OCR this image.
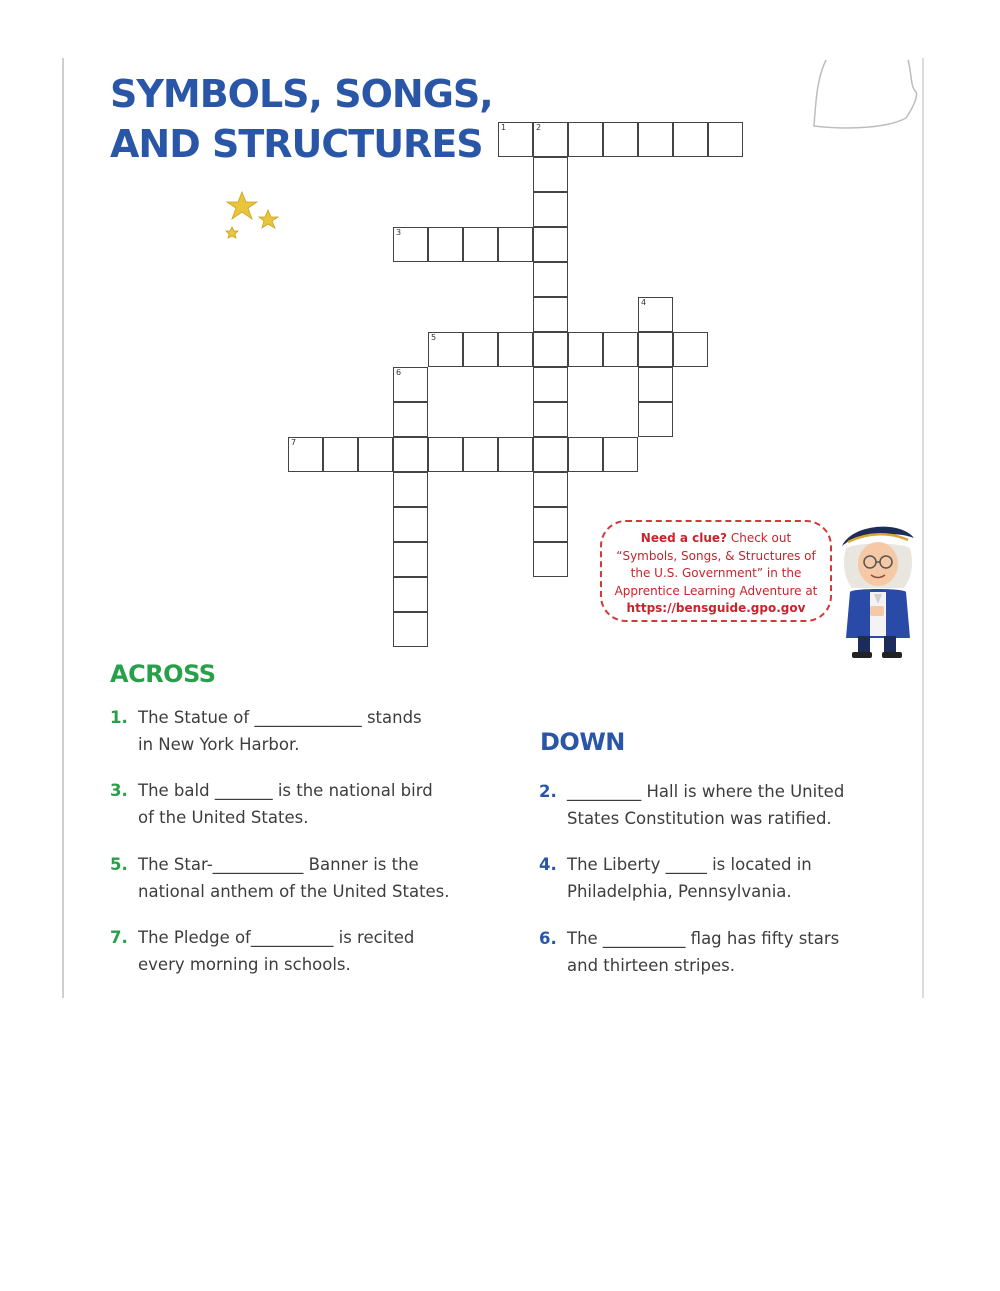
SYMBOLS, SONGS,
AND STRUCTURES 1	2
3
4
5
6
7
Need a clue? Check out
“Symbols, Songs, & Structures of
the U.S. Government” in the
Apprentice Learning Adventure at
https://bensguide.gpo.gov
ACROSS
1. The Statue of _____________ stands
in New York Harbor.
3. The bald _______ is the national bird
of the United States.
5. The Star-___________ Banner is the
national anthem of the United States.
7. The Pledge of__________ is recited
every morning in schools.
DOWN
2. _________ Hall is where the United
States Constitution was ratified.
4. The Liberty _____ is located in
Philadelphia, Pennsylvania.
6. The __________ flag has fifty stars
and thirteen stripes.
